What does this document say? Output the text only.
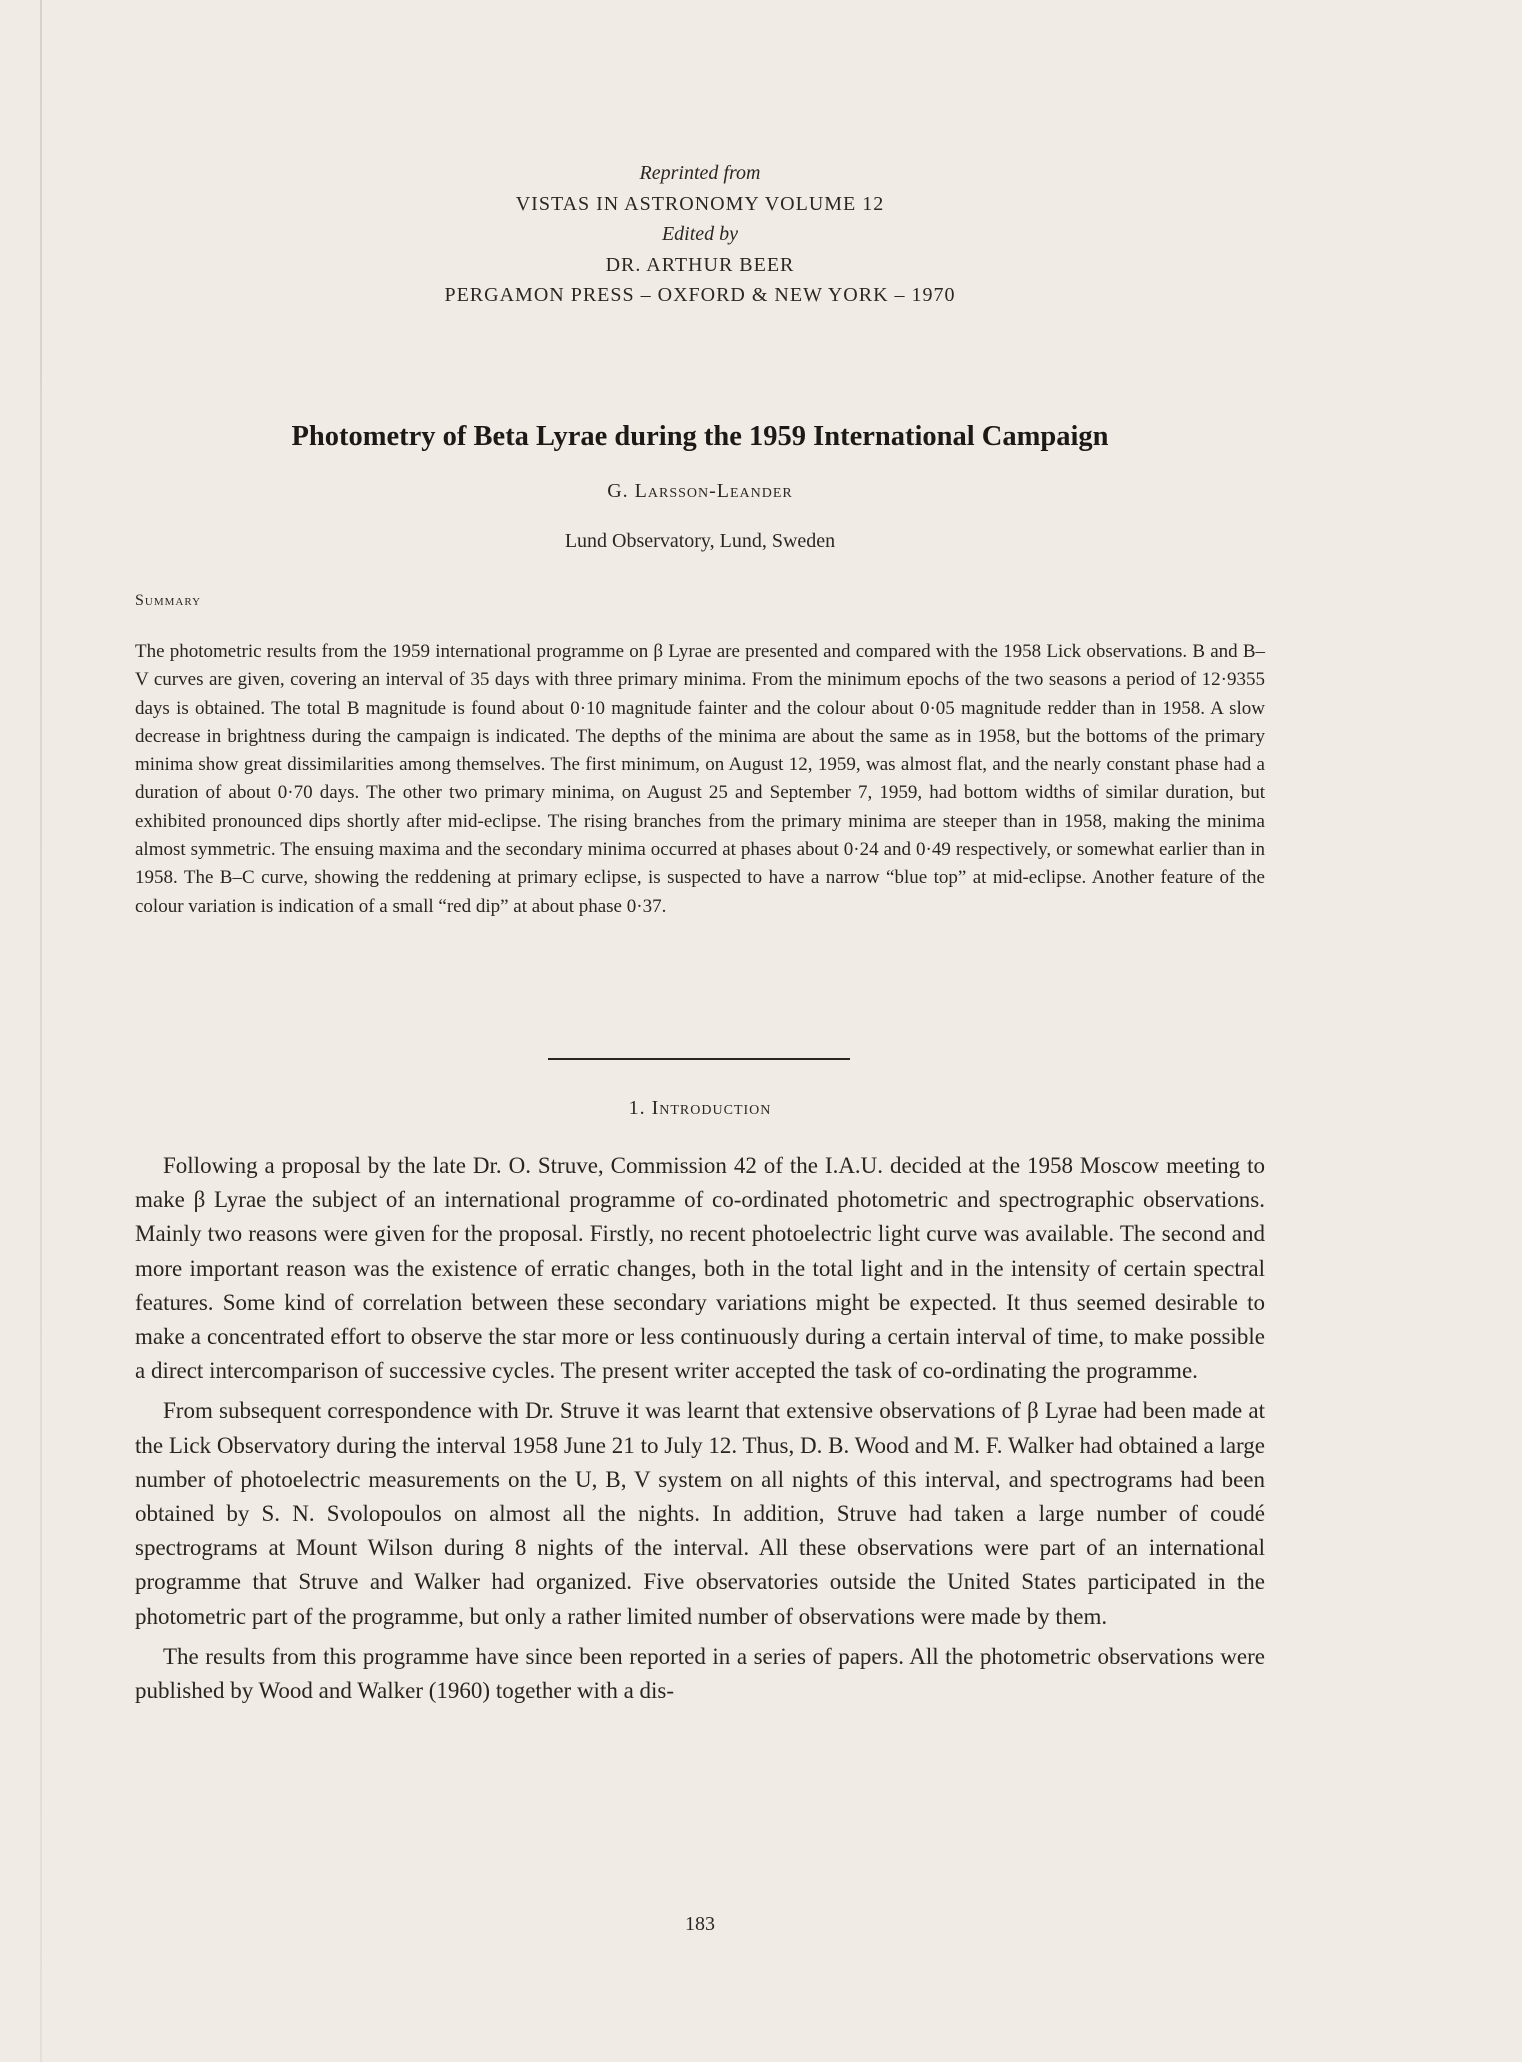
Reprinted from
VISTAS IN ASTRONOMY VOLUME 12
Edited by
DR. ARTHUR BEER
PERGAMON PRESS – OXFORD & NEW YORK – 1970
Photometry of Beta Lyrae during the 1959 International Campaign
G. Larsson-Leander
Lund Observatory, Lund, Sweden
Summary

The photometric results from the 1959 international programme on β Lyrae are presented and compared with the 1958 Lick observations. B and B–V curves are given, covering an interval of 35 days with three primary minima. From the minimum epochs of the two seasons a period of 12·9355 days is obtained. The total B magnitude is found about 0·10 magnitude fainter and the colour about 0·05 magnitude redder than in 1958. A slow decrease in brightness during the campaign is indicated. The depths of the minima are about the same as in 1958, but the bottoms of the primary minima show great dissimilarities among themselves. The first minimum, on August 12, 1959, was almost flat, and the nearly constant phase had a duration of about 0·70 days. The other two primary minima, on August 25 and September 7, 1959, had bottom widths of similar duration, but exhibited pronounced dips shortly after mid-eclipse. The rising branches from the primary minima are steeper than in 1958, making the minima almost symmetric. The ensuing maxima and the secondary minima occurred at phases about 0·24 and 0·49 respectively, or somewhat earlier than in 1958. The B–C curve, showing the reddening at primary eclipse, is suspected to have a narrow “blue top” at mid-eclipse. Another feature of the colour variation is indication of a small “red dip” at about phase 0·37.

1. Introduction

Following a proposal by the late Dr. O. Struve, Commission 42 of the I.A.U. decided at the 1958 Moscow meeting to make β Lyrae the subject of an international programme of co-ordinated photometric and spectrographic observations. Mainly two reasons were given for the proposal. Firstly, no recent photoelectric light curve was available. The second and more important reason was the existence of erratic changes, both in the total light and in the intensity of certain spectral features. Some kind of correlation between these secondary variations might be expected. It thus seemed desirable to make a concentrated effort to observe the star more or less continuously during a certain interval of time, to make possible a direct intercomparison of successive cycles. The present writer accepted the task of co-ordinating the programme.

From subsequent correspondence with Dr. Struve it was learnt that extensive observations of β Lyrae had been made at the Lick Observatory during the interval 1958 June 21 to July 12. Thus, D. B. Wood and M. F. Walker had obtained a large number of photoelectric measurements on the U, B, V system on all nights of this interval, and spectrograms had been obtained by S. N. Svolopoulos on almost all the nights. In addition, Struve had taken a large number of coudé spectrograms at Mount Wilson during 8 nights of the interval. All these observations were part of an international programme that Struve and Walker had organized. Five observatories outside the United States participated in the photometric part of the programme, but only a rather limited number of observations were made by them.

The results from this programme have since been reported in a series of papers. All the photometric observations were published by Wood and Walker (1960) together with a dis-

183
